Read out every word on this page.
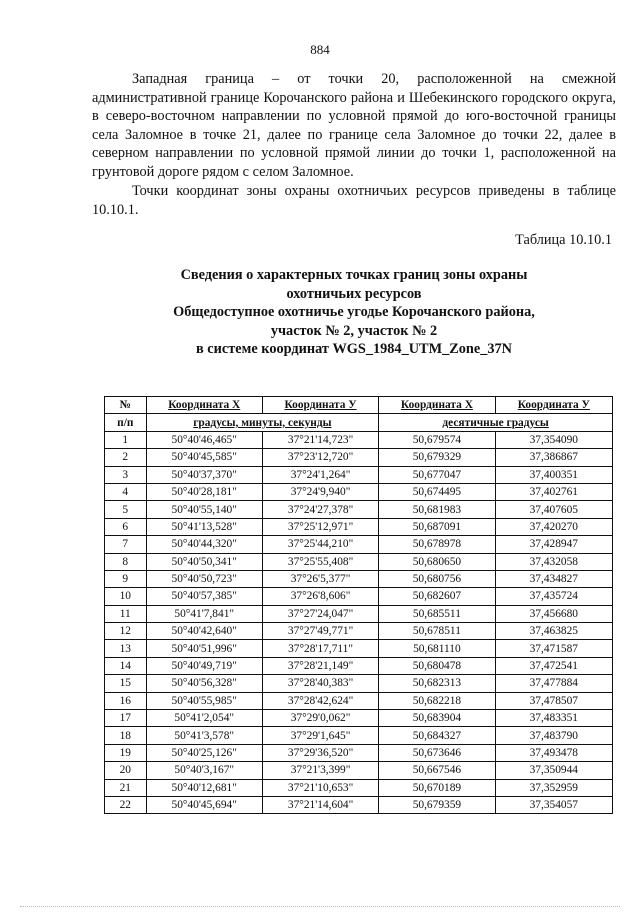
884

Западная граница – от точки 20, расположенной на смежной административной границе Корочанского района и Шебекинского городского округа, в северо-восточном направлении по условной прямой до юго-восточной границы села Заломное в точке 21, далее по границе села Заломное до точки 22, далее в северном направлении по условной прямой линии до точки 1, расположенной на грунтовой дороге рядом с селом Заломное.

Точки координат зоны охраны охотничьих ресурсов приведены в таблице 10.10.1.

Таблица 10.10.1
Сведения о характерных точках границ зоны охраны
охотничьих ресурсов
Общедоступное охотничье угодье Корочанского района,
участок № 2, участок № 2
в системе координат WGS_1984_UTM_Zone_37N
№	Координата X	Координата У	Координата X	Координата У
п/п	градусы, минуты, секунды		десятичные градусы	
1	50°40'46,465"	37°21'14,723"	50,679574	37,354090
2	50°40'45,585"	37°23'12,720"	50,679329	37,386867
3	50°40'37,370"	37°24'1,264"	50,677047	37,400351
4	50°40'28,181"	37°24'9,940"	50,674495	37,402761
5	50°40'55,140"	37°24'27,378"	50,681983	37,407605
6	50°41'13,528"	37°25'12,971"	50,687091	37,420270
7	50°40'44,320"	37°25'44,210"	50,678978	37,428947
8	50°40'50,341"	37°25'55,408"	50,680650	37,432058
9	50°40'50,723"	37°26'5,377"	50,680756	37,434827
10	50°40'57,385"	37°26'8,606"	50,682607	37,435724
11	50°41'7,841"	37°27'24,047"	50,685511	37,456680
12	50°40'42,640"	37°27'49,771"	50,678511	37,463825
13	50°40'51,996"	37°28'17,711"	50,681110	37,471587
14	50°40'49,719"	37°28'21,149"	50,680478	37,472541
15	50°40'56,328"	37°28'40,383"	50,682313	37,477884
16	50°40'55,985"	37°28'42,624"	50,682218	37,478507
17	50°41'2,054"	37°29'0,062"	50,683904	37,483351
18	50°41'3,578"	37°29'1,645"	50,684327	37,483790
19	50°40'25,126"	37°29'36,520"	50,673646	37,493478
20	50°40'3,167"	37°21'3,399"	50,667546	37,350944
21	50°40'12,681"	37°21'10,653"	50,670189	37,352959
22	50°40'45,694"	37°21'14,604"	50,679359	37,354057
